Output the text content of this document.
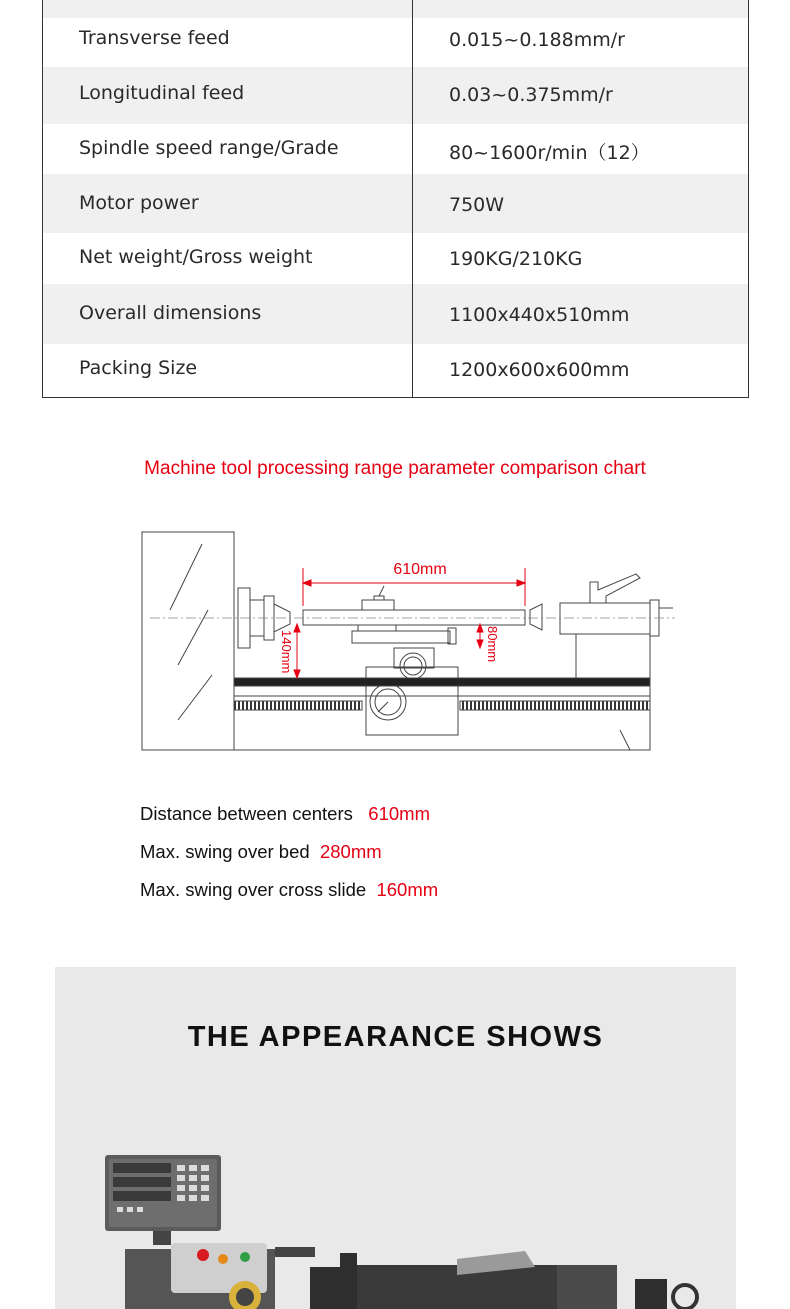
Transverse feed	0.015~0.188mm/r
Longitudinal feed	0.03~0.375mm/r
Spindle speed range/Grade	80~1600r/min（12）
Motor power	750W
Net weight/Gross weight	190KG/210KG
Overall dimensions	1100x440x510mm
Packing Size	1200x600x600mm
Machine tool processing range parameter comparison chart
610mm
140mm	80mm
Distance between centers 610mm
Max. swing over bed 280mm
Max. swing over cross slide 160mm
THE APPEARANCE SHOWS
